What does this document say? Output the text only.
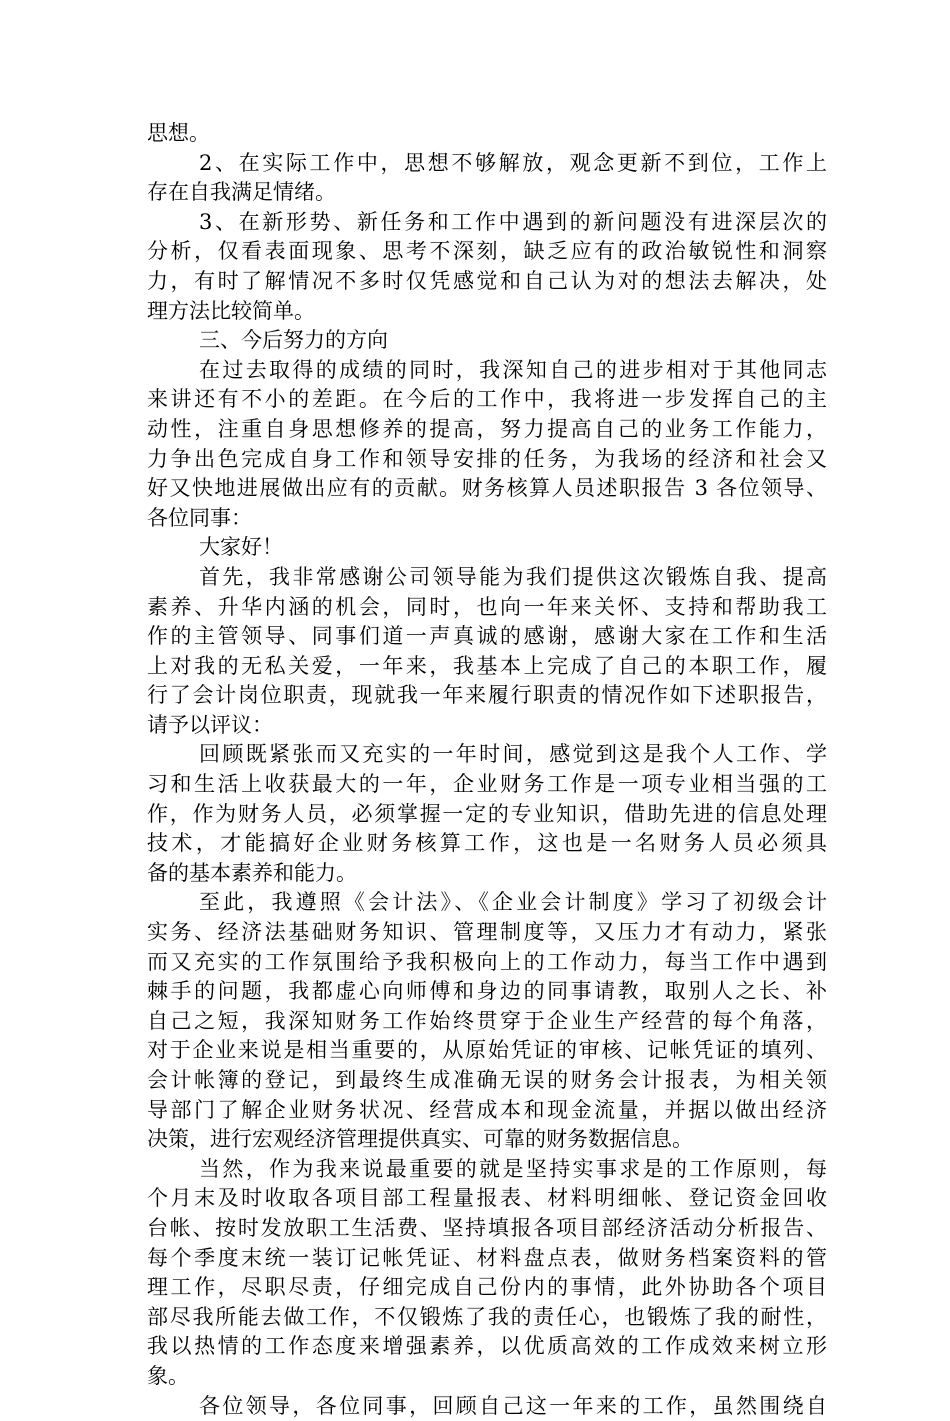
思想。
2、在实际工作中，思想不够解放，观念更新不到位，工作上
存在自我满足情绪。
3、在新形势、新任务和工作中遇到的新问题没有进深层次的
分析，仅看表面现象、思考不深刻，缺乏应有的政治敏锐性和洞察
力，有时了解情况不多时仅凭感觉和自己认为对的想法去解决，处
理方法比较简单。
三、今后努力的方向
在过去取得的成绩的同时，我深知自己的进步相对于其他同志
来讲还有不小的差距。在今后的工作中，我将进一步发挥自己的主
动性，注重自身思想修养的提高，努力提高自己的业务工作能力，
力争出色完成自身工作和领导安排的任务，为我场的经济和社会又
好又快地进展做出应有的贡献。财务核算人员述职报告 3 各位领导、
各位同事：
大家好！
首先，我非常感谢公司领导能为我们提供这次锻炼自我、提高
素养、升华内涵的机会，同时，也向一年来关怀、支持和帮助我工
作的主管领导、同事们道一声真诚的感谢，感谢大家在工作和生活
上对我的无私关爱，一年来，我基本上完成了自己的本职工作，履
行了会计岗位职责，现就我一年来履行职责的情况作如下述职报告，
请予以评议：
回顾既紧张而又充实的一年时间，感觉到这是我个人工作、学
习和生活上收获最大的一年，企业财务工作是一项专业相当强的工
作，作为财务人员，必须掌握一定的专业知识，借助先进的信息处理
技术，才能搞好企业财务核算工作，这也是一名财务人员必须具
备的基本素养和能力。
至此，我遵照《会计法》、《企业会计制度》学习了初级会计
实务、经济法基础财务知识、管理制度等，又压力才有动力，紧张
而又充实的工作氛围给予我积极向上的工作动力，每当工作中遇到
棘手的问题，我都虚心向师傅和身边的同事请教，取别人之长、补
自己之短，我深知财务工作始终贯穿于企业生产经营的每个角落，
对于企业来说是相当重要的，从原始凭证的审核、记帐凭证的填列、
会计帐簿的登记，到最终生成准确无误的财务会计报表，为相关领
导部门了解企业财务状况、经营成本和现金流量，并据以做出经济
决策，进行宏观经济管理提供真实、可靠的财务数据信息。
当然，作为我来说最重要的就是坚持实事求是的工作原则，每
个月末及时收取各项目部工程量报表、材料明细帐、登记资金回收
台帐、按时发放职工生活费、坚持填报各项目部经济活动分析报告、
每个季度末统一装订记帐凭证、材料盘点表，做财务档案资料的管
理工作，尽职尽责，仔细完成自己份内的事情，此外协助各个项目
部尽我所能去做工作，不仅锻炼了我的责任心，也锻炼了我的耐性，
我以热情的工作态度来增强素养，以优质高效的工作成效来树立形
象。
各位领导，各位同事，回顾自己这一年来的工作，虽然围绕自
